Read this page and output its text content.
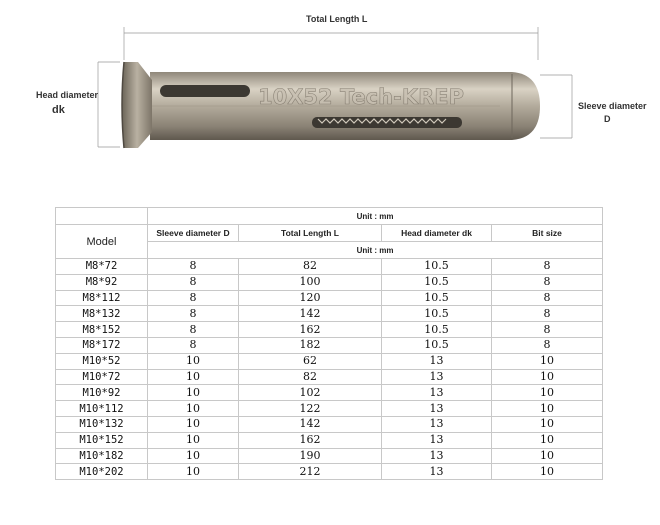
10X52 Tech-KREP
Total Length L
Head diameter
dk	Sleeve diameter
D
	Unit : mm			
Model	Sleeve diameter D	Total Length L	Head diameter dk	Bit size
	Unit : mm			
M8*72	8	82	10.5	8
M8*92	8	100	10.5	8
M8*112	8	120	10.5	8
M8*132	8	142	10.5	8
M8*152	8	162	10.5	8
M8*172	8	182	10.5	8
M10*52	10	62	13	10
M10*72	10	82	13	10
M10*92	10	102	13	10
M10*112	10	122	13	10
M10*132	10	142	13	10
M10*152	10	162	13	10
M10*182	10	190	13	10
M10*202	10	212	13	10
